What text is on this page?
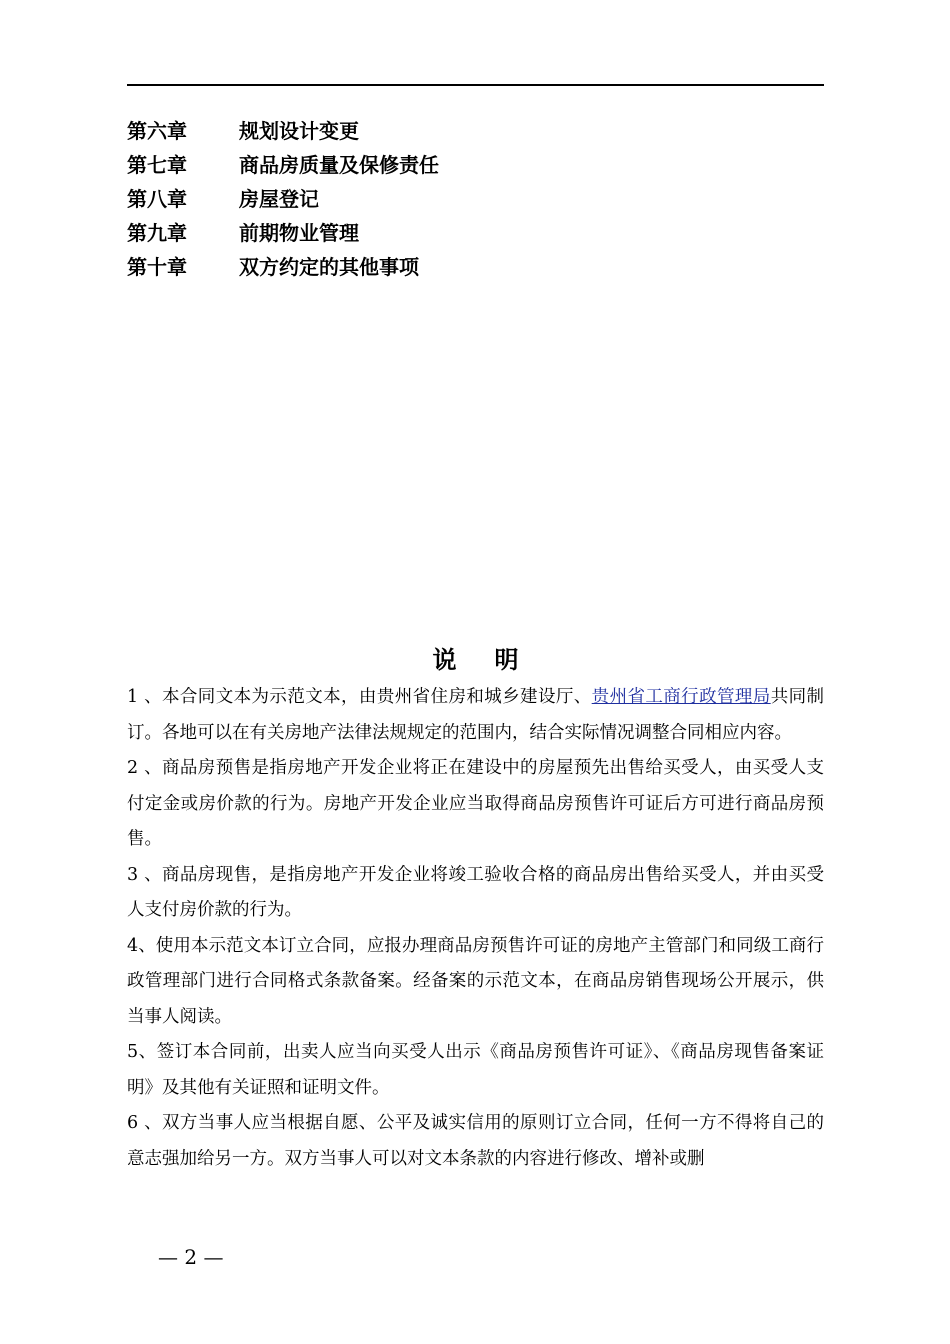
第六章	规划设计变更
第七章	商品房质量及保修责任
第八章	房屋登记
第九章	前期物业管理
第十章	双方约定的其他事项
说明

1 、本合同文本为示范文本，由贵州省住房和城乡建设厅、贵州省工商行政管理局共同制订。各地可以在有关房地产法律法规规定的范围内，结合实际情况调整合同相应内容。

2 、商品房预售是指房地产开发企业将正在建设中的房屋预先出售给买受人，由买受人支付定金或房价款的行为。房地产开发企业应当取得商品房预售许可证后方可进行商品房预售。

3 、商品房现售，是指房地产开发企业将竣工验收合格的商品房出售给买受人，并由买受人支付房价款的行为。

4、使用本示范文本订立合同，应报办理商品房预售许可证的房地产主管部门和同级工商行政管理部门进行合同格式条款备案。经备案的示范文本，在商品房销售现场公开展示，供当事人阅读。

5、签订本合同前，出卖人应当向买受人出示《商品房预售许可证》、《商品房现售备案证明》及其他有关证照和证明文件。

6 、双方当事人应当根据自愿、公平及诚实信用的原则订立合同，任何一方不得将自己的意志强加给另一方。双方当事人可以对文本条款的内容进行修改、增补或删

— 2 —
